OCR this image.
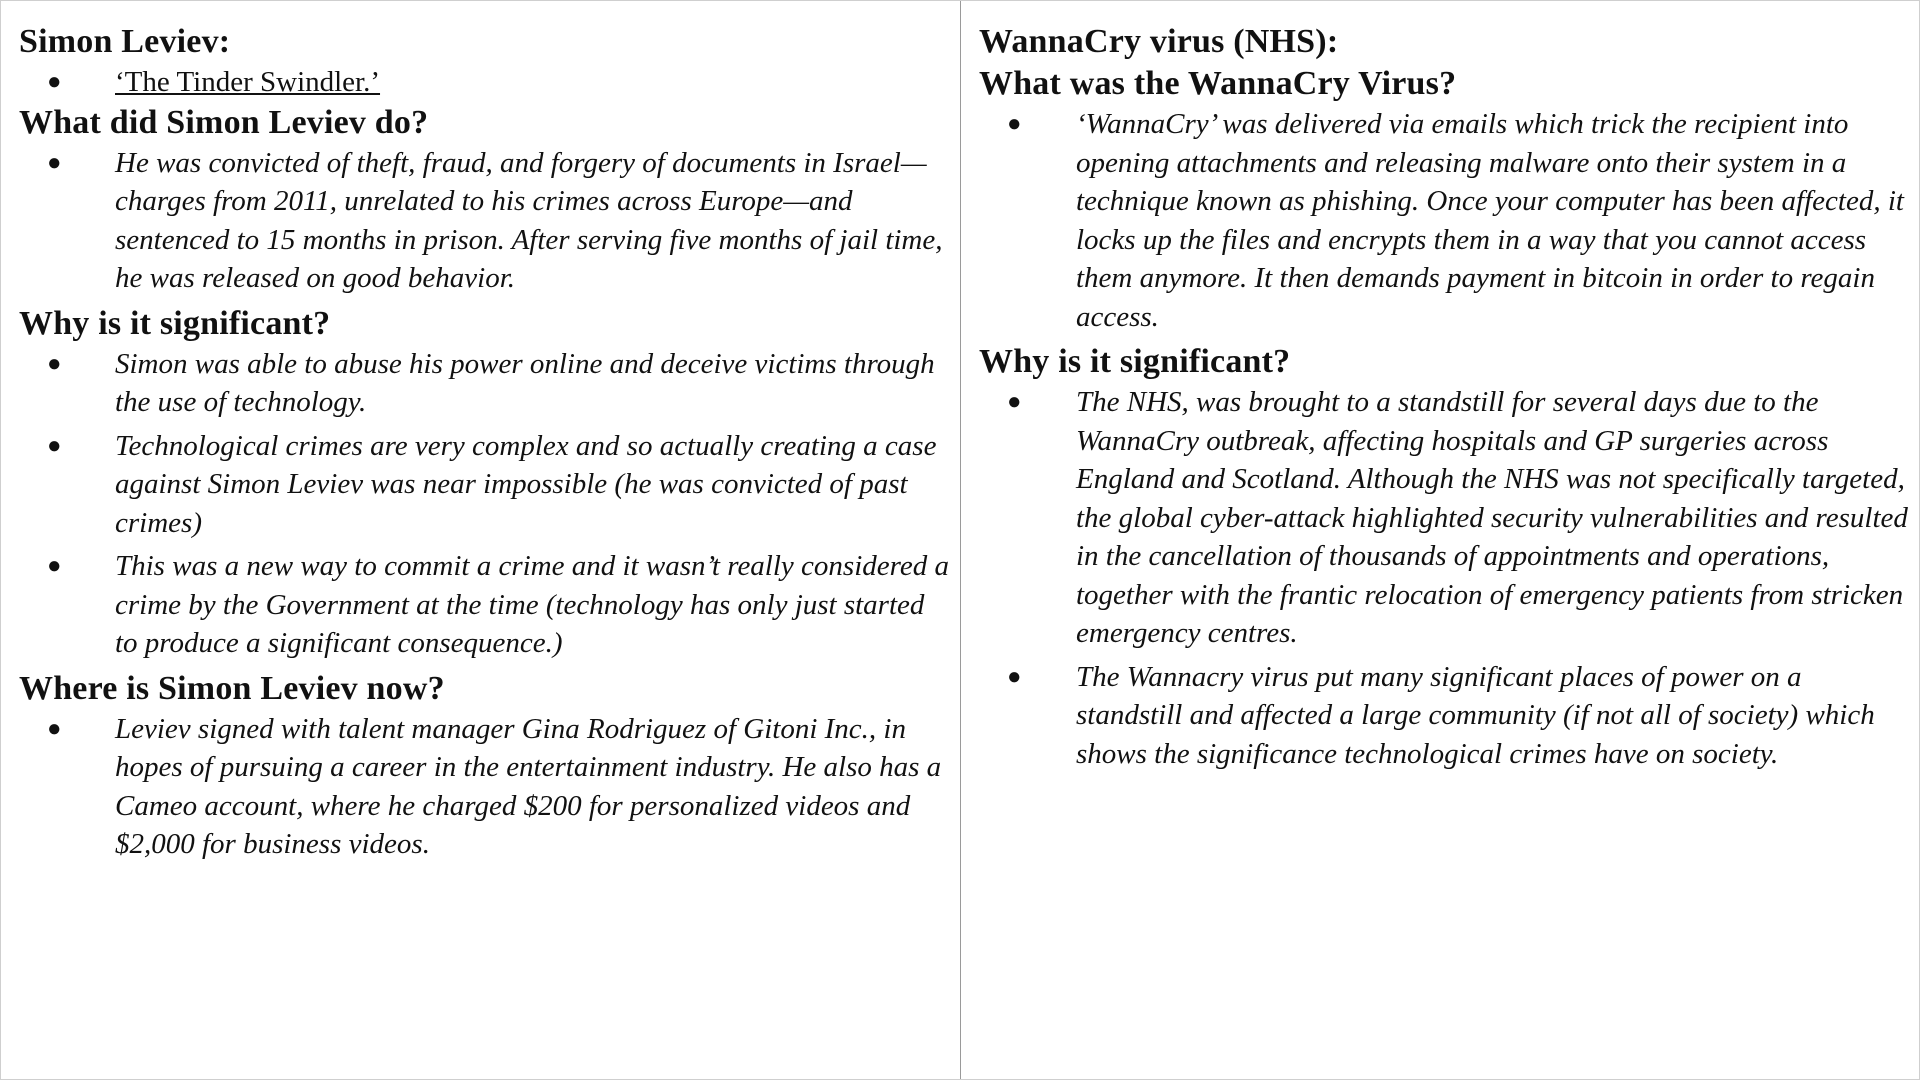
Simon Leviev:
● ‘The Tinder Swindler.’
What did Simon Leviev do?
● He was convicted of theft, fraud, and forgery of documents in Israel—charges from 2011, unrelated to his crimes across Europe—and sentenced to 15 months in prison. After serving five months of jail time, he was released on good behavior.
Why is it significant?
● Simon was able to abuse his power online and deceive victims through the use of technology.
● Technological crimes are very complex and so actually creating a case against Simon Leviev was near impossible (he was convicted of past crimes)
● This was a new way to commit a crime and it wasn’t really considered a crime by the Government at the time (technology has only just started to produce a significant consequence.)
Where is Simon Leviev now?
● Leviev signed with talent manager Gina Rodriguez of Gitoni Inc., in hopes of pursuing a career in the entertainment industry. He also has a Cameo account, where he charged $200 for personalized videos and $2,000 for business videos.
WannaCry virus (NHS):
What was the WannaCry Virus?
● ‘WannaCry’ was delivered via emails which trick the recipient into opening attachments and releasing malware onto their system in a technique known as phishing. Once your computer has been affected, it locks up the files and encrypts them in a way that you cannot access them anymore. It then demands payment in bitcoin in order to regain access.
Why is it significant?
● The NHS, was brought to a standstill for several days due to the WannaCry outbreak, affecting hospitals and GP surgeries across England and Scotland. Although the NHS was not specifically targeted, the global cyber-attack highlighted security vulnerabilities and resulted in the cancellation of thousands of appointments and operations, together with the frantic relocation of emergency patients from stricken emergency centres.
● The Wannacry virus put many significant places of power on a standstill and affected a large community (if not all of society) which shows the significance technological crimes have on society.
